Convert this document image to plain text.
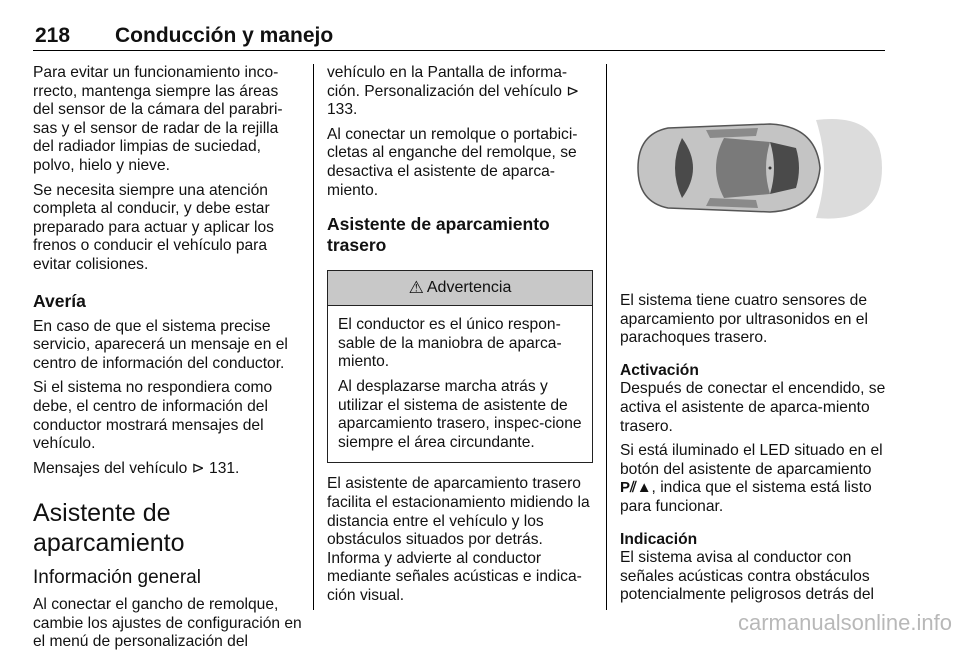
218 Conducción y manejo

Para evitar un funcionamiento inco-rrecto, mantenga siempre las áreas del sensor de la cámara del parabri-sas y el sensor de radar de la rejilla del radiador limpias de suciedad, polvo, hielo y nieve.

Se necesita siempre una atención completa al conducir, y debe estar preparado para actuar y aplicar los frenos o conducir el vehículo para evitar colisiones.

Avería

En caso de que el sistema precise servicio, aparecerá un mensaje en el centro de información del conductor.

Si el sistema no respondiera como debe, el centro de información del conductor mostrará mensajes del vehículo.

Mensajes del vehículo ⊳ 131.

Asistente de aparcamiento
Información general

Al conectar el gancho de remolque, cambie los ajustes de configuración en el menú de personalización del

vehículo en la Pantalla de informa-ción. Personalización del vehículo ⊳ 133.

Al conectar un remolque o portabici-cletas al enganche del remolque, se desactiva el asistente de aparca-miento.

Asistente de aparcamiento trasero
⚠ Advertencia

El conductor es el único respon-sable de la maniobra de aparca-miento.

Al desplazarse marcha atrás y utilizar el sistema de asistente de aparcamiento trasero, inspec-cione siempre el área circundante.

El asistente de aparcamiento trasero facilita el estacionamiento midiendo la distancia entre el vehículo y los obstáculos situados por detrás. Informa y advierte al conductor mediante señales acústicas e indica-ción visual.

El sistema tiene cuatro sensores de aparcamiento por ultrasonidos en el parachoques trasero.

Activación

Después de conectar el encendido, se activa el asistente de aparca-miento trasero.

Si está iluminado el LED situado en el botón del asistente de aparcamiento P⫽▲, indica que el sistema está listo para funcionar.

Indicación

El sistema avisa al conductor con señales acústicas contra obstáculos potencialmente peligrosos detrás del

carmanualsonline.info
